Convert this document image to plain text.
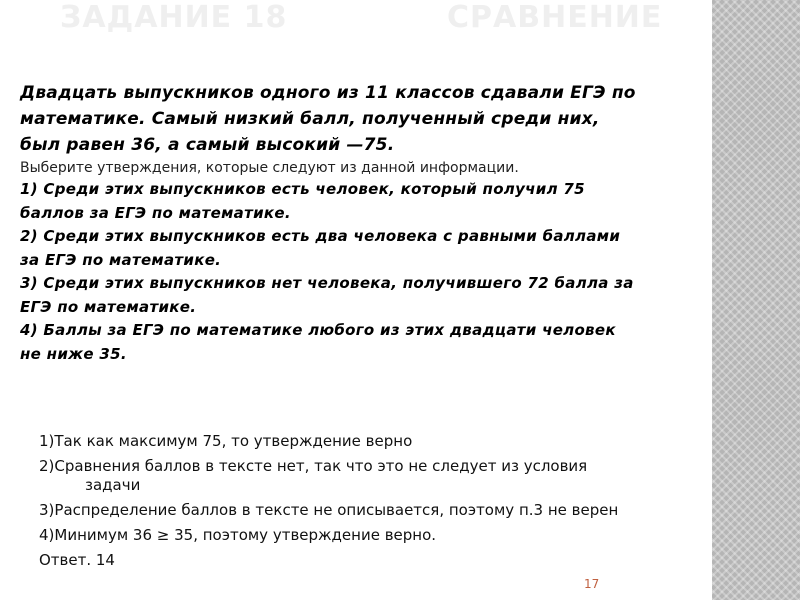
ЗАДАНИЕ 18	СРАВНЕНИЕ

Двадцать выпускников одного из 11 классов сдавали ЕГЭ по

математике. Самый низкий балл, полученный среди них,

был равен 36, а самый высокий —75.

Выберите утверждения, которые следуют из данной информации.

1) Среди этих выпускников есть человек, который получил 75

баллов за ЕГЭ по математике.

2) Среди этих выпускников есть два человека с равными баллами

за ЕГЭ по математике.

3) Среди этих выпускников нет человека, получившего 72 балла за

ЕГЭ по математике.

4) Баллы за ЕГЭ по математике любого из этих двадцати человек

не ниже 35.

1)Так как максимум 75, то утверждение верно

2)Сравнения баллов в тексте нет, так что это не следует из условия
задачи

3)Распределение баллов в тексте не описывается, поэтому п.3 не верен

4)Минимум 36 ≥ 35, поэтому утверждение верно.

Ответ. 14

17
